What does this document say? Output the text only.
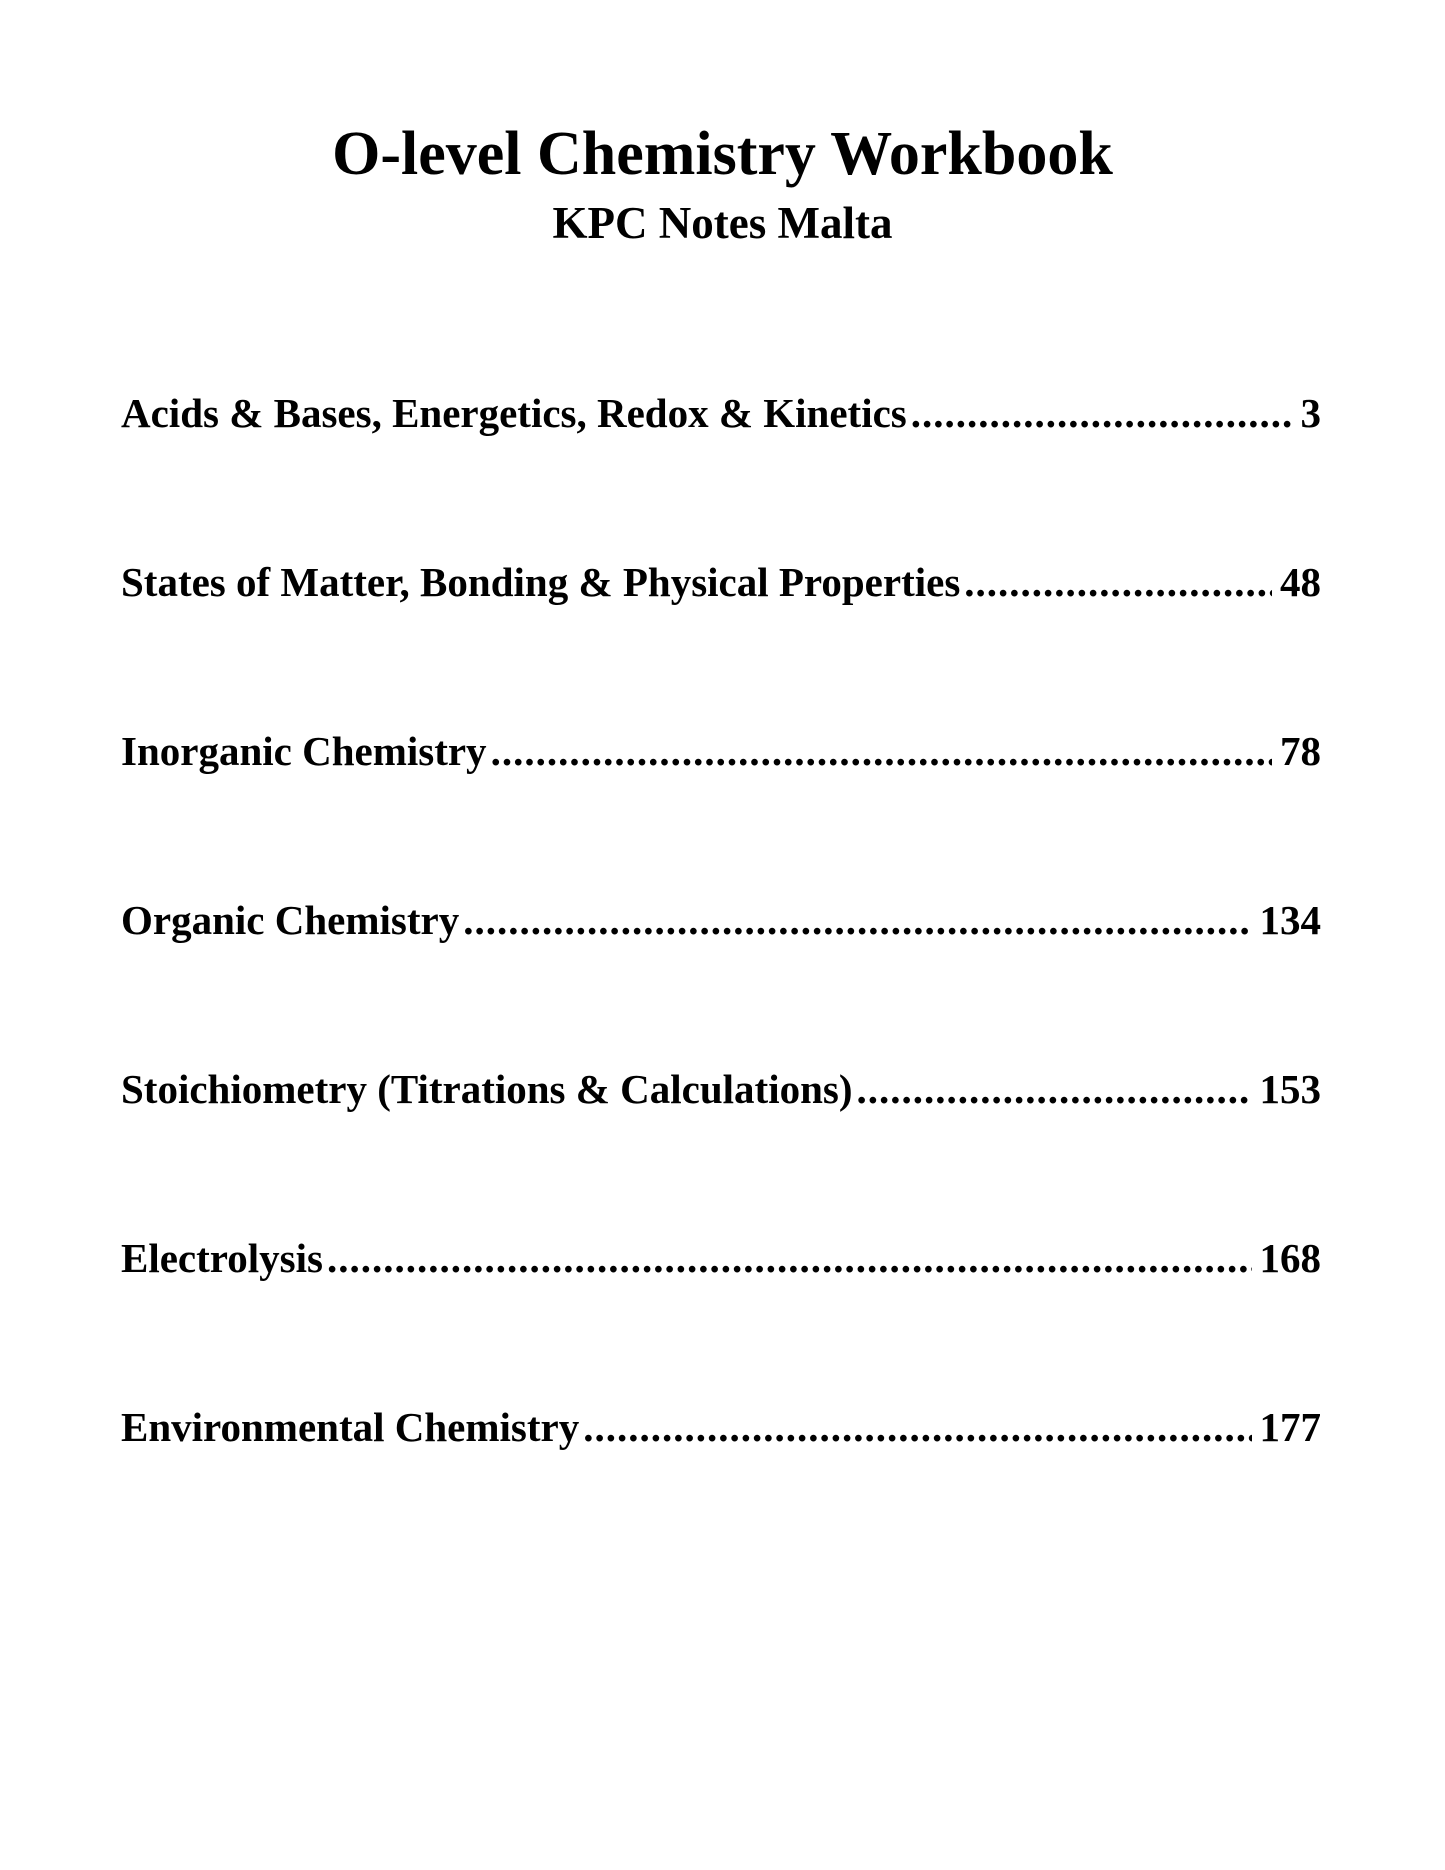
O-level Chemistry Workbook
KPC Notes Malta
Acids & Bases, Energetics, Redox & Kinetics .....	3
States of Matter, Bonding & Physical Properties .....	48
Inorganic Chemistry .....	78
Organic Chemistry .....	134
Stoichiometry (Titrations & Calculations) .....	153
Electrolysis .....	168
Environmental Chemistry .....	177
